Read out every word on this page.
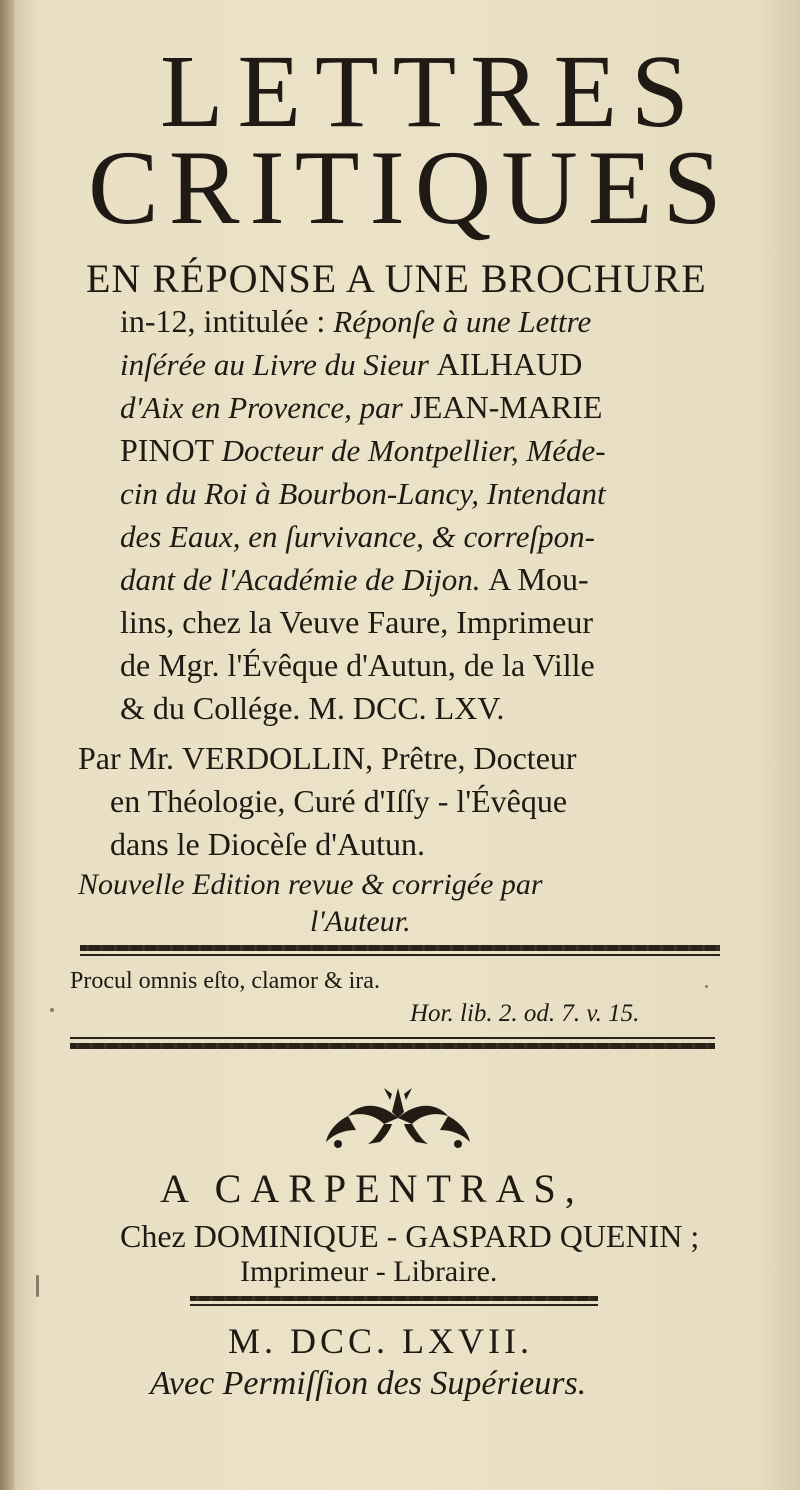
LETTRES
CRITIQUES
EN RÉPONSE A UNE BROCHURE
in-12, intitulée : Réponſe à une Lettre
inſérée au Livre du Sieur AILHAUD
d'Aix en Provence, par JEAN-MARIE
PINOT Docteur de Montpellier, Méde-
cin du Roi à Bourbon-Lancy, Intendant
des Eaux, en ſurvivance, & correſpon-
dant de l'Académie de Dijon. A Mou-
lins, chez la Veuve Faure, Imprimeur
de Mgr. l'Évêque d'Autun, de la Ville
& du Collége. M. DCC. LXV.
Par Mr. VERDOLLIN, Prêtre, Docteur
en Théologie, Curé d'Iſſy - l'Évêque
dans le Diocèſe d'Autun.
Nouvelle Edition revue & corrigée par
l'Auteur.
Procul omnis eſto, clamor & ira.
Hor. lib. 2. od. 7. v. 15.
A CARPENTRAS,
Chez DOMINIQUE - GASPARD QUENIN ;
Imprimeur - Libraire.
M. DCC. LXVII.
Avec Permiſſion des Supérieurs.
